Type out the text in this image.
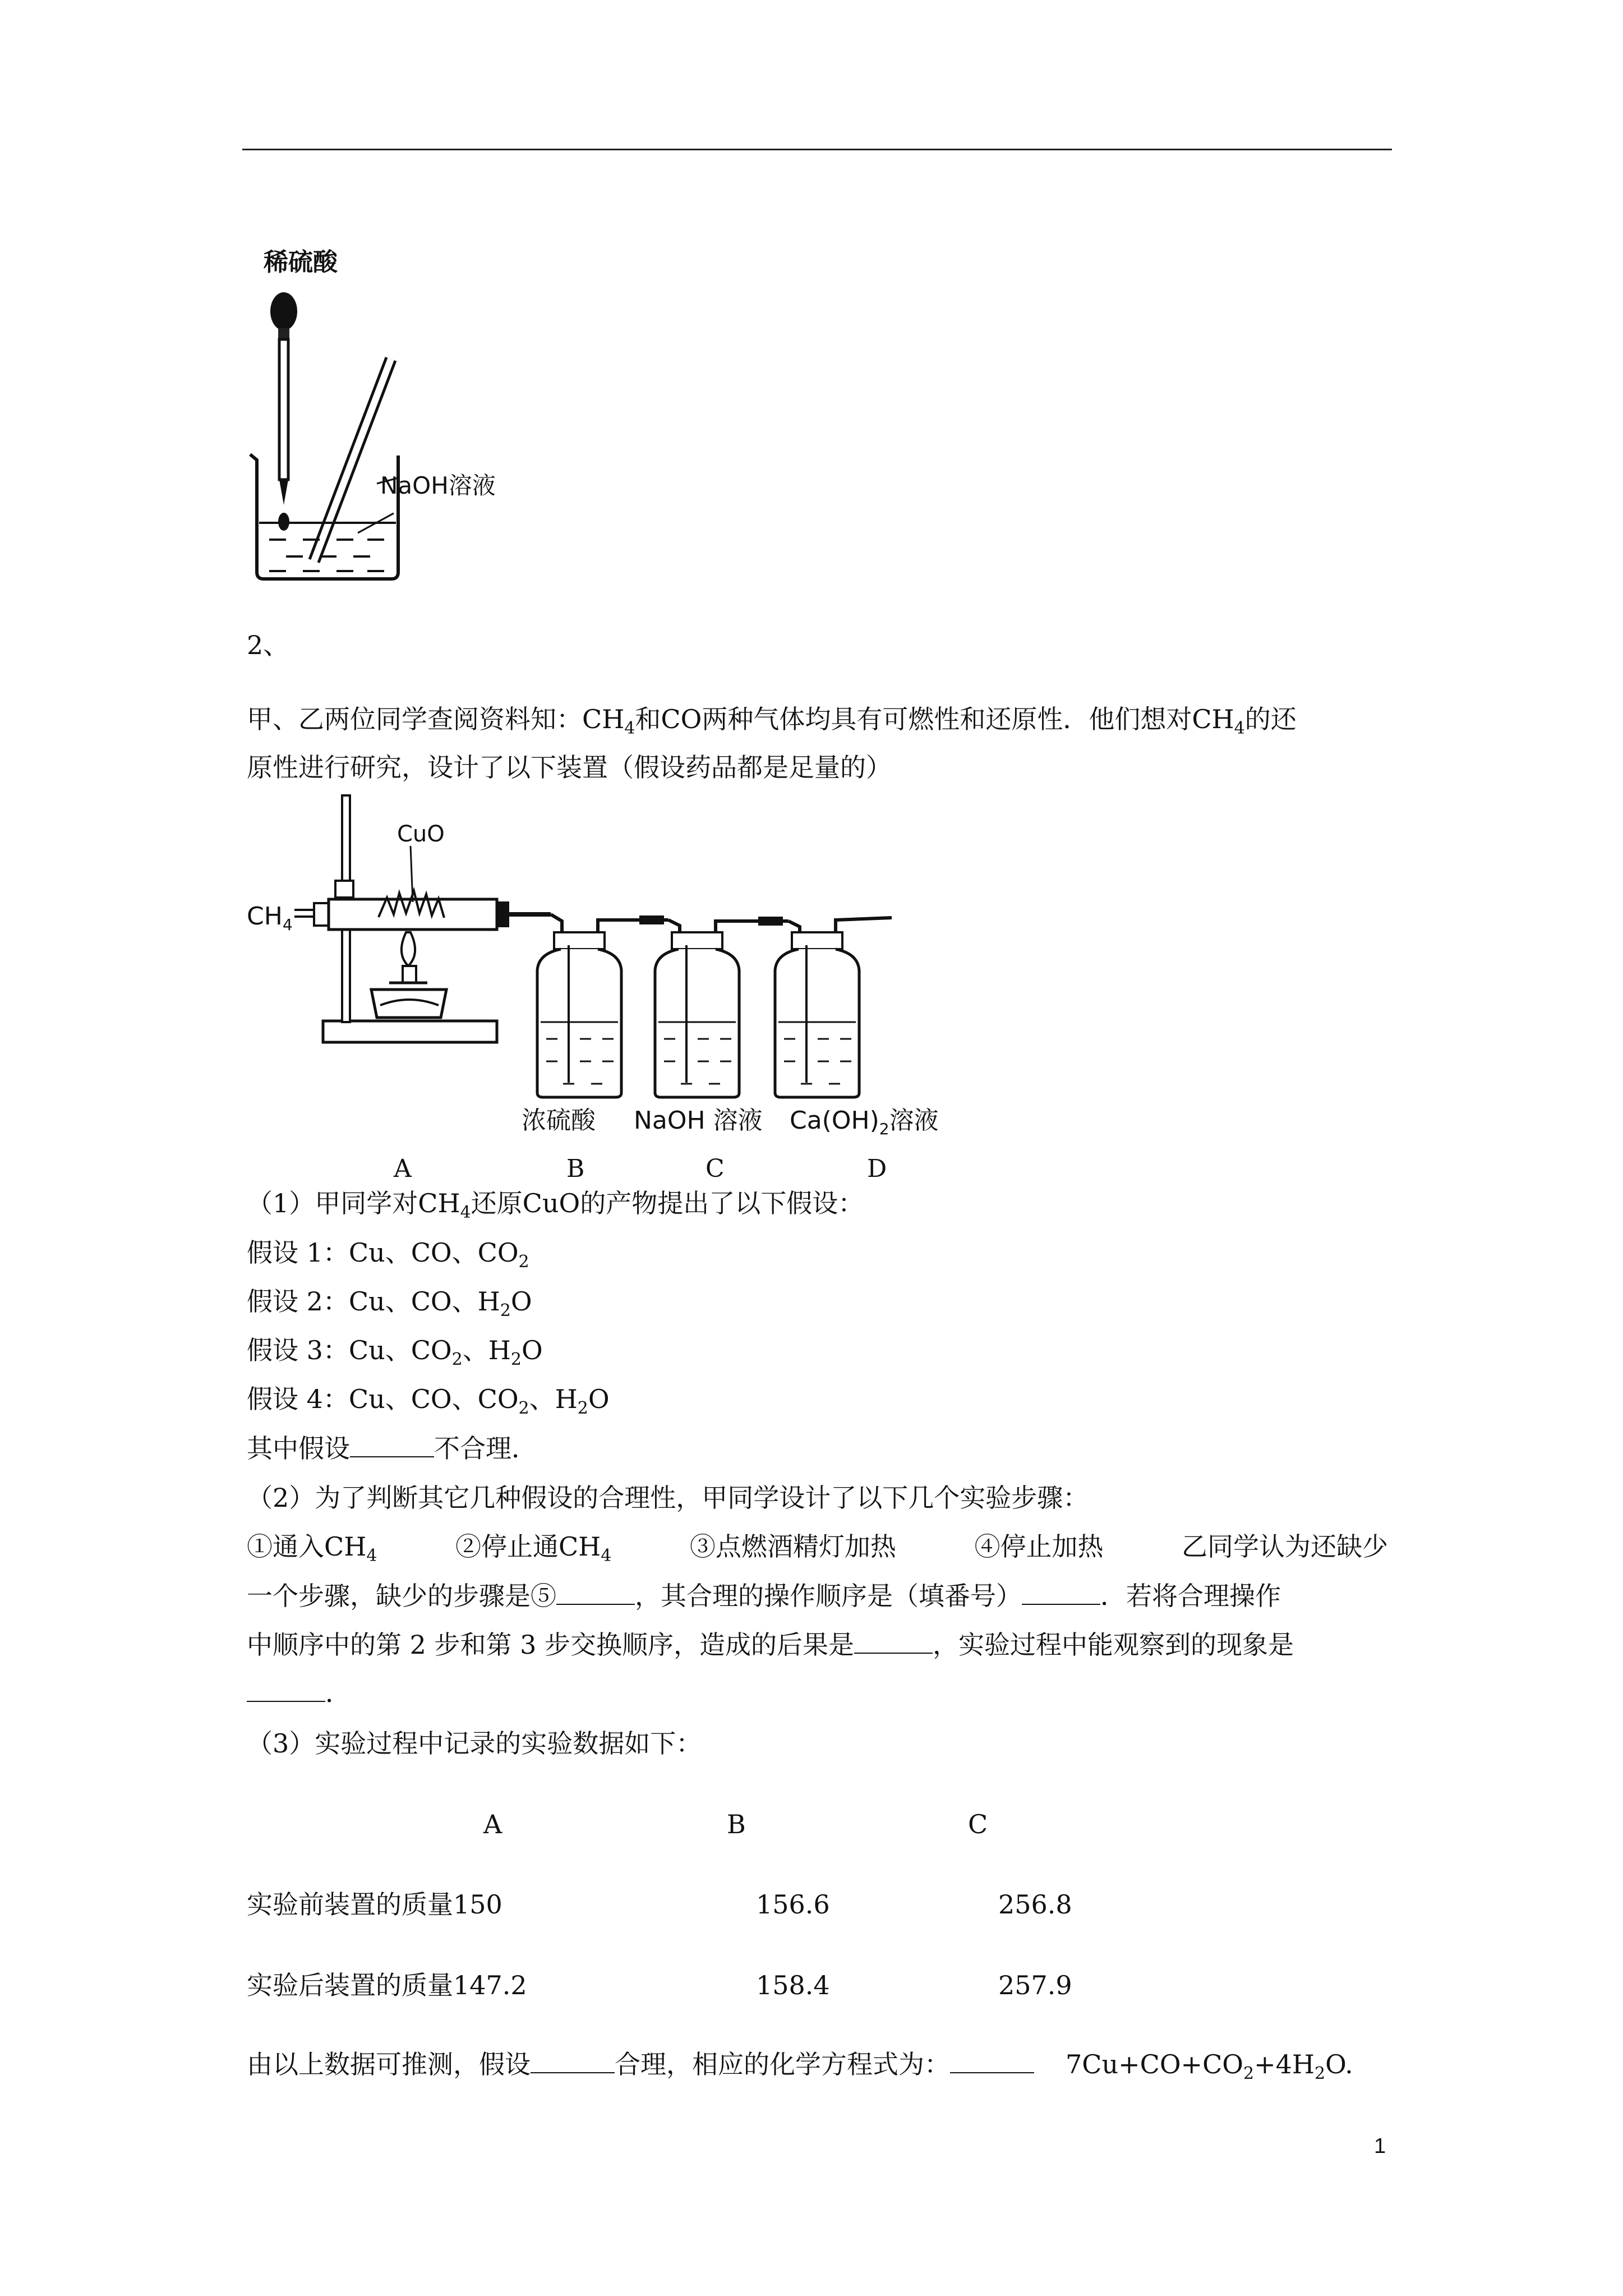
稀硫酸
NaOH溶液
2、
甲、乙两位同学查阅资料知：$CH_4$和CO两种气体均具有可燃性和还原性．他们想对$CH_4$的还
原性进行研究，设计了以下装置（假设药品都是足量的）
$CH_4$
CuO
浓硫酸 NaOH 溶液 $Ca(OH)_2$溶液
A	B	C	D
（1）甲同学对$CH_4$还原CuO的产物提出了以下假设：
假设 1：Cu、CO、$CO_2$
假设 2：Cu、CO、$H_2O$
假设 3：Cu、$CO_2$、$H_2O$
假设 4：Cu、CO、$CO_2$、$H_2O$
其中假设	不合理．
（2）为了判断其它几种假设的合理性，甲同学设计了以下几个实验步骤：
①通入$CH_4$	②停止通$CH_4$	③点燃酒精灯加热	④停止加热	乙同学认为还缺少
一个步骤，缺少的步骤是⑤	，其合理的操作顺序是（填番号）	．若将合理操作
中顺序中的第 2 步和第 3 步交换顺序，造成的后果是	，实验过程中能观察到的现象是
．
（3）实验过程中记录的实验数据如下：
A	B	C
实验前装置的质量150	156.6	256.8
实验后装置的质量147.2	158.4	257.9
由以上数据可推测，假设	合理，相应的化学方程式为：	$7Cu+CO+CO_2+4H_2O$.
1
